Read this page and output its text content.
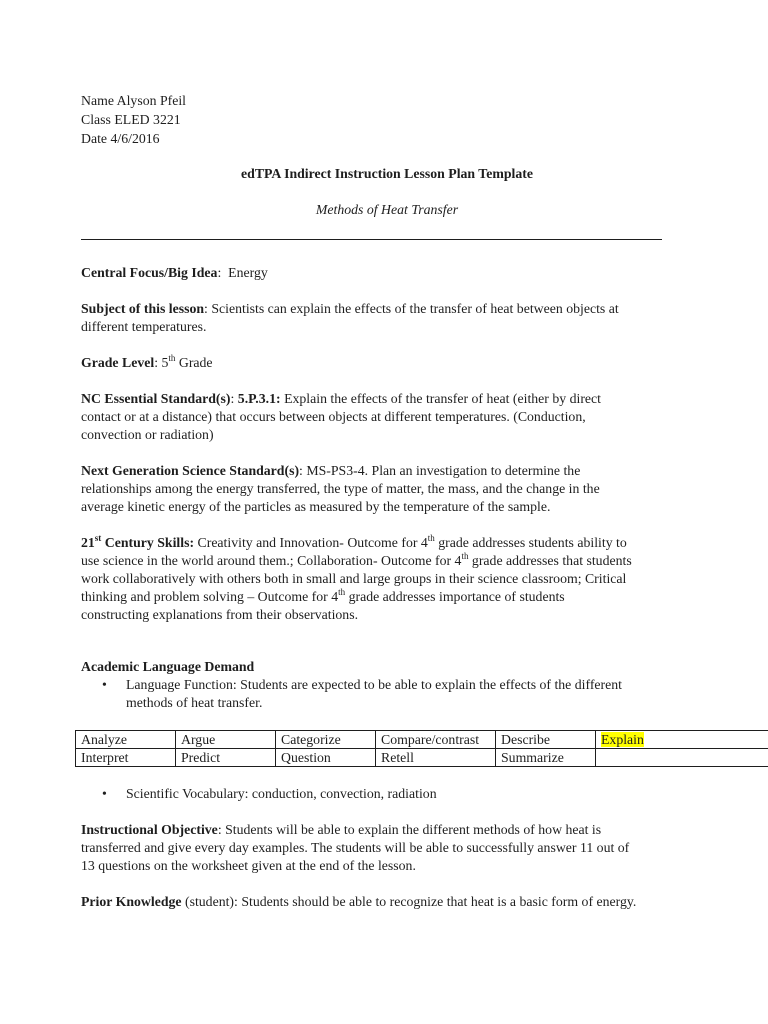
Name Alyson Pfeil
Class ELED 3221
Date 4/6/2016
edTPA Indirect Instruction Lesson Plan Template
Methods of Heat Transfer

Central Focus/Big Idea:  Energy

Subject of this lesson: Scientists can explain the effects of the transfer of heat between objects at
different temperatures.

Grade Level: 5th Grade

NC Essential Standard(s): 5.P.3.1: Explain the effects of the transfer of heat (either by direct
contact or at a distance) that occurs between objects at different temperatures. (Conduction,
convection or radiation)

Next Generation Science Standard(s): MS-PS3-4. Plan an investigation to determine the
relationships among the energy transferred, the type of matter, the mass, and the change in the
average kinetic energy of the particles as measured by the temperature of the sample.

21st Century Skills: Creativity and Innovation- Outcome for 4th grade addresses students ability to
use science in the world around them.; Collaboration- Outcome for 4th grade addresses that students
work collaboratively with others both in small and large groups in their science classroom; Critical
thinking and problem solving – Outcome for 4th grade addresses importance of students
constructing explanations from their observations.

Academic Language Demand

• Language Function: Students are expected to be able to explain the effects of the different
methods of heat transfer.
Analyze	Argue	Categorize	Compare/contrast	Describe	Explain
Interpret	Predict	Question	Retell	Summarize	
• Scientific Vocabulary: conduction, convection, radiation

Instructional Objective: Students will be able to explain the different methods of how heat is
transferred and give every day examples. The students will be able to successfully answer 11 out of
13 questions on the worksheet given at the end of the lesson.

Prior Knowledge (student): Students should be able to recognize that heat is a basic form of energy.
